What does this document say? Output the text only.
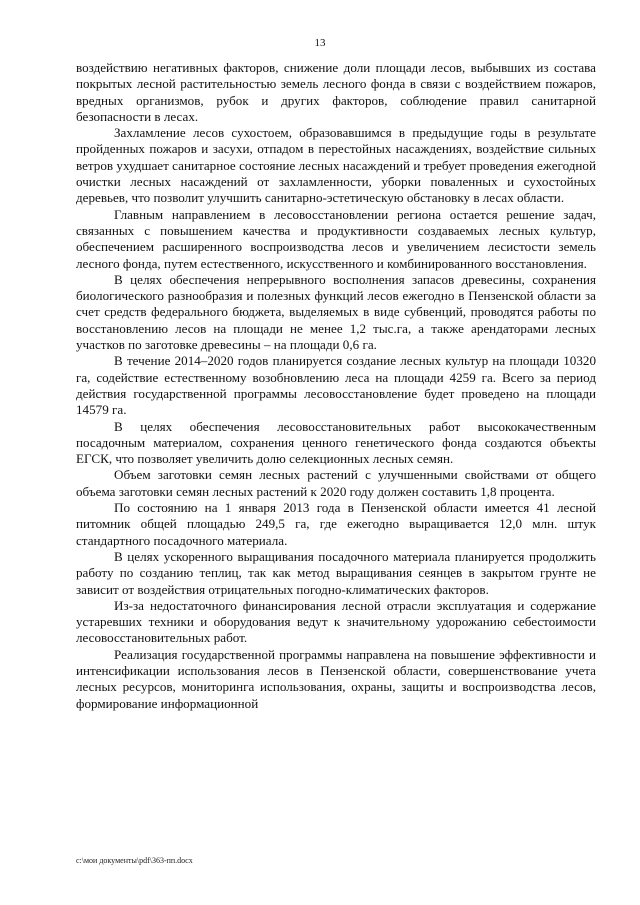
13

воздействию негативных факторов, снижение доли площади лесов, выбывших из состава покрытых лесной растительностью земель лесного фонда в связи с воздействием пожаров, вредных организмов, рубок и других факторов, соблюдение правил санитарной безопасности в лесах.

Захламление лесов сухостоем, образовавшимся в предыдущие годы в результате пройденных пожаров и засухи, отпадом в перестойных насаждениях, воздействие сильных ветров ухудшает санитарное состояние лесных насаждений и требует проведения ежегодной очистки лесных насаждений от захламленности, уборки поваленных и сухостойных деревьев, что позволит улучшить санитарно-эстетическую обстановку в лесах области.

Главным направлением в лесовосстановлении региона остается решение задач, связанных с повышением качества и продуктивности создаваемых лесных культур, обеспечением расширенного воспроизводства лесов и увеличением лесистости земель лесного фонда, путем естественного, искусственного и комбинированного восстановления.

В целях обеспечения непрерывного восполнения запасов древесины, сохранения биологического разнообразия и полезных функций лесов ежегодно в Пензенской области за счет средств федерального бюджета, выделяемых в виде субвенций, проводятся работы по восстановлению лесов на площади не менее 1,2 тыс.га, а также арендаторами лесных участков по заготовке древесины – на площади 0,6 га.

В течение 2014–2020 годов планируется создание лесных культур на площади 10320 га, содействие естественному возобновлению леса на площади 4259 га. Всего за период действия государственной программы лесовосстановление будет проведено на площади 14579 га.

В целях обеспечения лесовосстановительных работ высококачественным посадочным материалом, сохранения ценного генетического фонда создаются объекты ЕГСК, что позволяет увеличить долю селекционных лесных семян.

Объем заготовки семян лесных растений с улучшенными свойствами от общего объема заготовки семян лесных растений к 2020 году должен составить 1,8 процента.

По состоянию на 1 января 2013 года в Пензенской области имеется 41 лесной питомник общей площадью 249,5 га, где ежегодно выращивается 12,0 млн. штук стандартного посадочного материала.

В целях ускоренного выращивания посадочного материала планируется продолжить работу по созданию теплиц, так как метод выращивания сеянцев в закрытом грунте не зависит от воздействия отрицательных погодно-климатических факторов.

Из-за недостаточного финансирования лесной отрасли эксплуатация и содержание устаревших техники и оборудования ведут к значительному удорожанию себестоимости лесовосстановительных работ.

Реализация государственной программы направлена на повышение эффективности и интенсификации использования лесов в Пензенской области, совершенствование учета лесных ресурсов, мониторинга использования, охраны, защиты и воспроизводства лесов, формирование информационной

c:\мои документы\pdf\363-пп.docx
